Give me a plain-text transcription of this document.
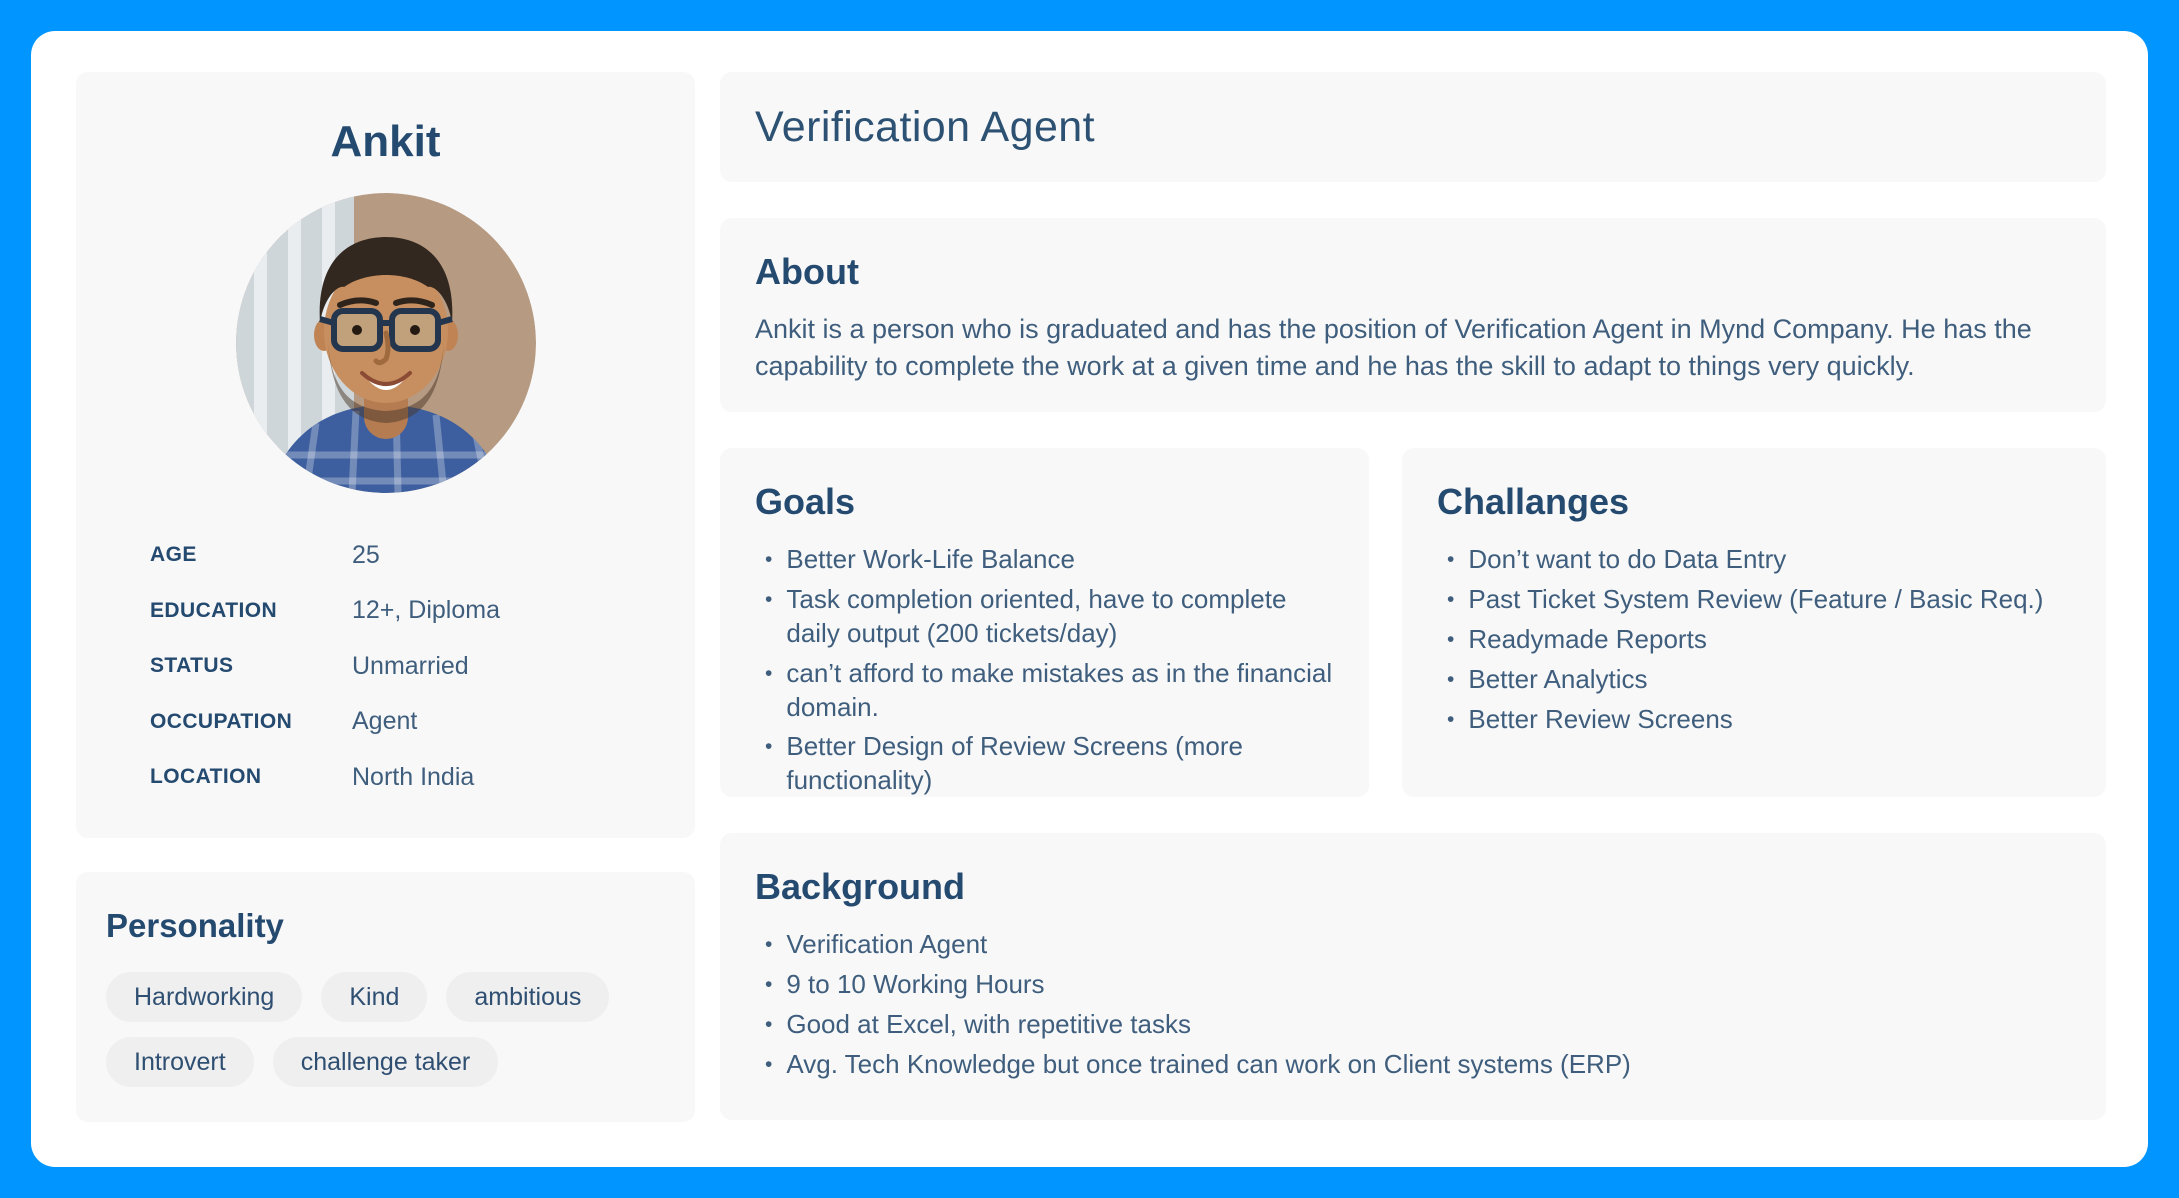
Ankit
AGE	25
EDUCATION	12+, Diploma
STATUS	Unmarried
OCCUPATION	Agent
LOCATION	North India
Personality
Hardworking	Kind	ambitious
Introvert	challenge taker
Verification Agent
About

Ankit is a person who is graduated and has the position of Verification Agent in Mynd Company. He has the capability to complete the work at a given time and he has the skill to adapt to things very quickly.

Goals
• Better Work-Life Balance
• Task completion oriented, have to complete daily output (200 tickets/day)
• can’t afford to make mistakes as in the financial domain.
• Better Design of Review Screens (more functionality)
Challanges
• Don’t want to do Data Entry
• Past Ticket System Review (Feature / Basic Req.)
• Readymade Reports
• Better Analytics
• Better Review Screens
Background
• Verification Agent
• 9 to 10 Working Hours
• Good at Excel, with repetitive tasks
• Avg. Tech Knowledge but once trained can work on Client systems (ERP)
